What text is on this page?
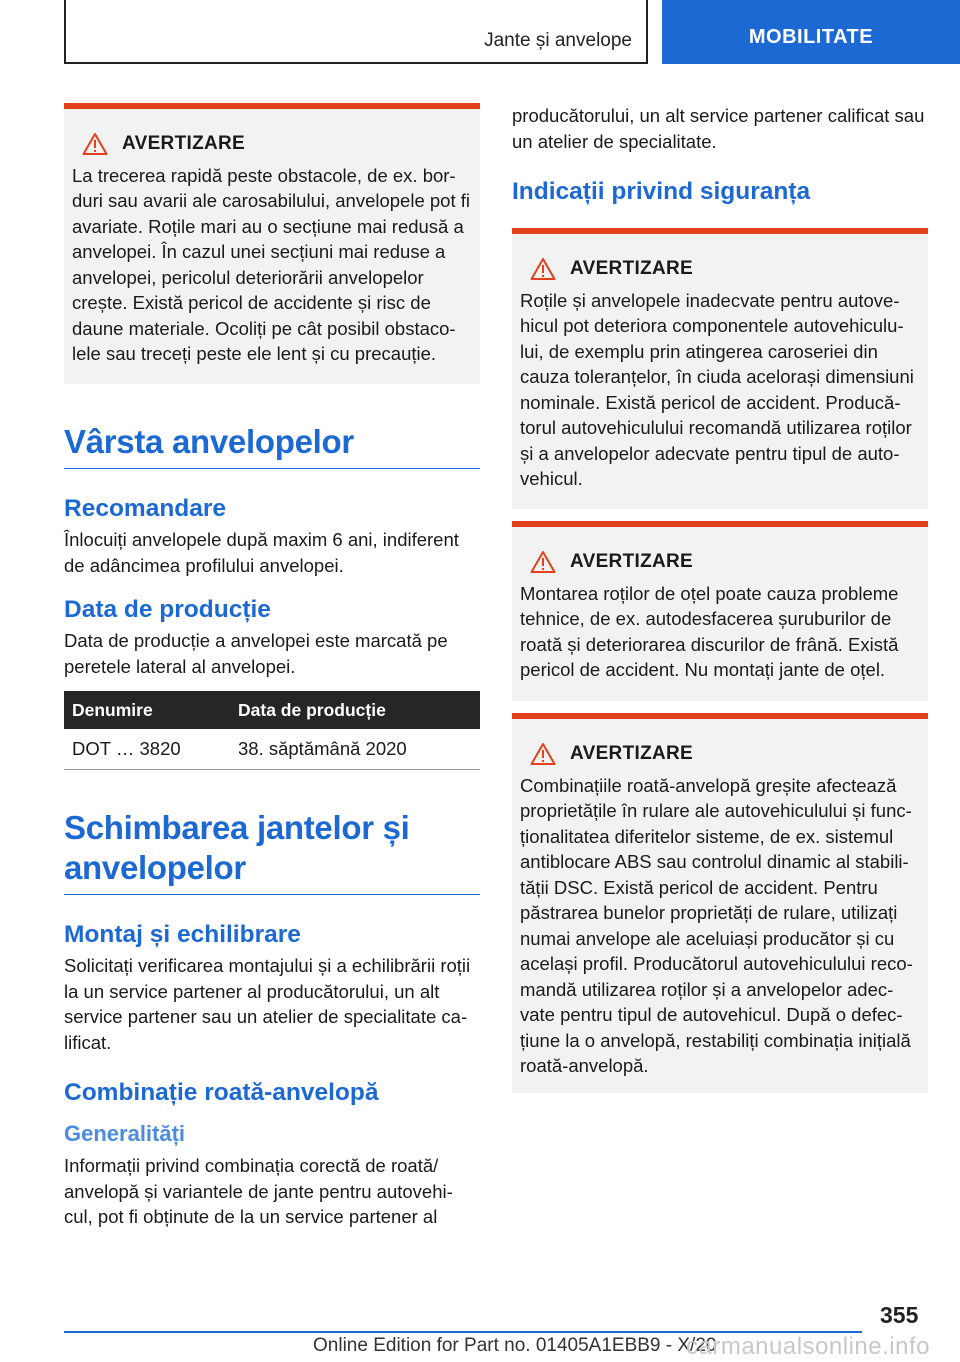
Jante și anvelope	MOBILITATE
AVERTIZARE

La trecerea rapidă peste obstacole, de ex. bor-duri sau avarii ale carosabilului, anvelopele pot fi avariate. Roțile mari au o secțiune mai redusă a anvelopei. În cazul unei secțiuni mai reduse a anvelopei, pericolul deteriorării anvelopelor crește. Există pericol de accidente și risc de daune materiale. Ocoliți pe cât posibil obstaco-lele sau treceți peste ele lent și cu precauție.

Vârsta anvelopelor
Recomandare

Înlocuiți anvelopele după maxim 6 ani, indiferent de adâncimea profilului anvelopei.

Data de producție

Data de producție a anvelopei este marcată pe peretele lateral al anvelopei.

Denumire	Data de producție
DOT … 3820	38. săptămână 2020
Schimbarea jantelor și anvelopelor
Montaj și echilibrare

Solicitați verificarea montajului și a echilibrării roții la un service partener al producătorului, un alt service partener sau un atelier de specialitate ca-lificat.

Combinație roată-anvelopă
Generalități

Informații privind combinația corectă de roată/ anvelopă și variantele de jante pentru autovehi-cul, pot fi obținute de la un service partener al

producătorului, un alt service partener calificat sau un atelier de specialitate.

Indicații privind siguranța
AVERTIZARE

Roțile și anvelopele inadecvate pentru autove-hicul pot deteriora componentele autovehiculu-lui, de exemplu prin atingerea caroseriei din cauza toleranțelor, în ciuda acelorași dimensiuni nominale. Există pericol de accident. Producă-torul autovehiculului recomandă utilizarea roților și a anvelopelor adecvate pentru tipul de auto-vehicul.

AVERTIZARE

Montarea roților de oțel poate cauza probleme tehnice, de ex. autodesfacerea șuruburilor de roată și deteriorarea discurilor de frână. Există pericol de accident. Nu montați jante de oțel.

AVERTIZARE

Combinațiile roată-anvelopă greșite afectează proprietățile în rulare ale autovehiculului și func-ționalitatea diferitelor sisteme, de ex. sistemul antiblocare ABS sau controlul dinamic al stabili-tății DSC. Există pericol de accident. Pentru păstrarea bunelor proprietăți de rulare, utilizați numai anvelope ale aceluiași producător și cu același profil. Producătorul autovehiculului reco-mandă utilizarea roților și a anvelopelor adec-vate pentru tipul de autovehicul. După o defec-țiune la o anvelopă, restabiliți combinația inițială roată-anvelopă.

355
Online Edition for Part no. 01405A1EBB9 - X/20
carmanualsonline.info
